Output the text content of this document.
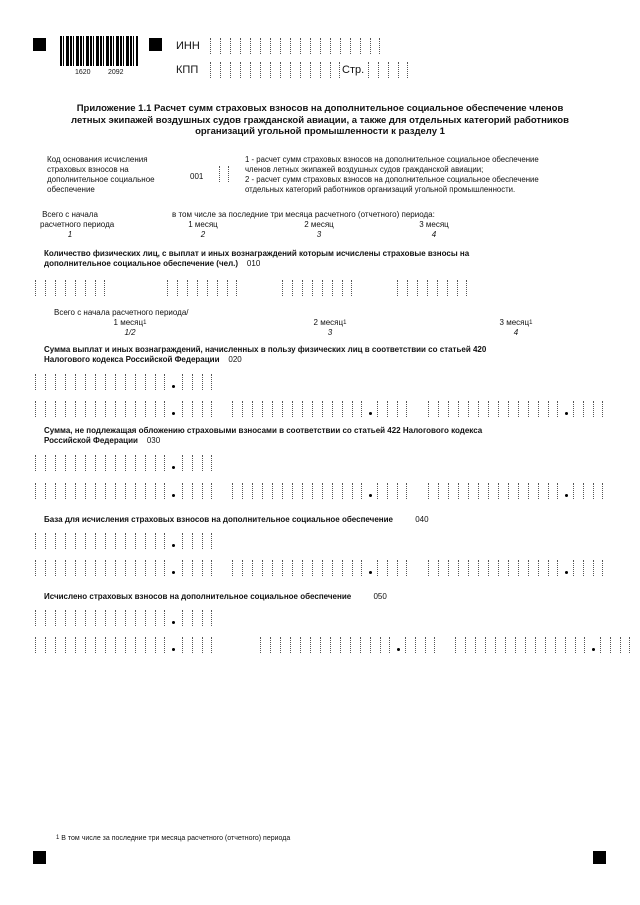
1620 2092
ИНН
КПП	Стр.
Приложение 1.1 Расчет сумм страховых взносов на дополнительное социальное обеспечение членов
летных экипажей воздушных судов гражданской авиации, а также для отдельных категорий работников
организаций угольной промышленности к разделу 1
Код основания исчисления
страховых взносов на
дополнительное социальное
обеспечение
001
1 - расчет сумм страховых взносов на дополнительное социальное обеспечение
членов летных экипажей воздушных судов гражданской авиации;
2 - расчет сумм страховых взносов на дополнительное социальное обеспечение
отдельных категорий работников организаций угольной промышленности.
Всего с начала
расчетного периода
1
в том числе за последние три месяца расчетного (отчетного) периода:
1 месяц
2
2 месяц
3
3 месяц
4
Количество физических лиц, с выплат и иных вознаграждений которым исчислены страховые взносы на
дополнительное социальное обеспечение (чел.) 010
Всего с начала расчетного периода/
1 месяц$^1$
1/2
2 месяц$^1$
3
3 месяц$^1$
4
Сумма выплат и иных вознаграждений, начисленных в пользу физических лиц в соответствии со статьей 420
Налогового кодекса Российской Федерации 020
Сумма, не подлежащая обложению страховыми взносами в соответствии со статьей 422 Налогового кодекса
Российской Федерации 030
База для исчисления страховых взносов на дополнительное социальное обеспечение	040
Исчислено страховых взносов на дополнительное социальное обеспечение	050
1 В том числе за последние три месяца расчетного (отчетного) периода
